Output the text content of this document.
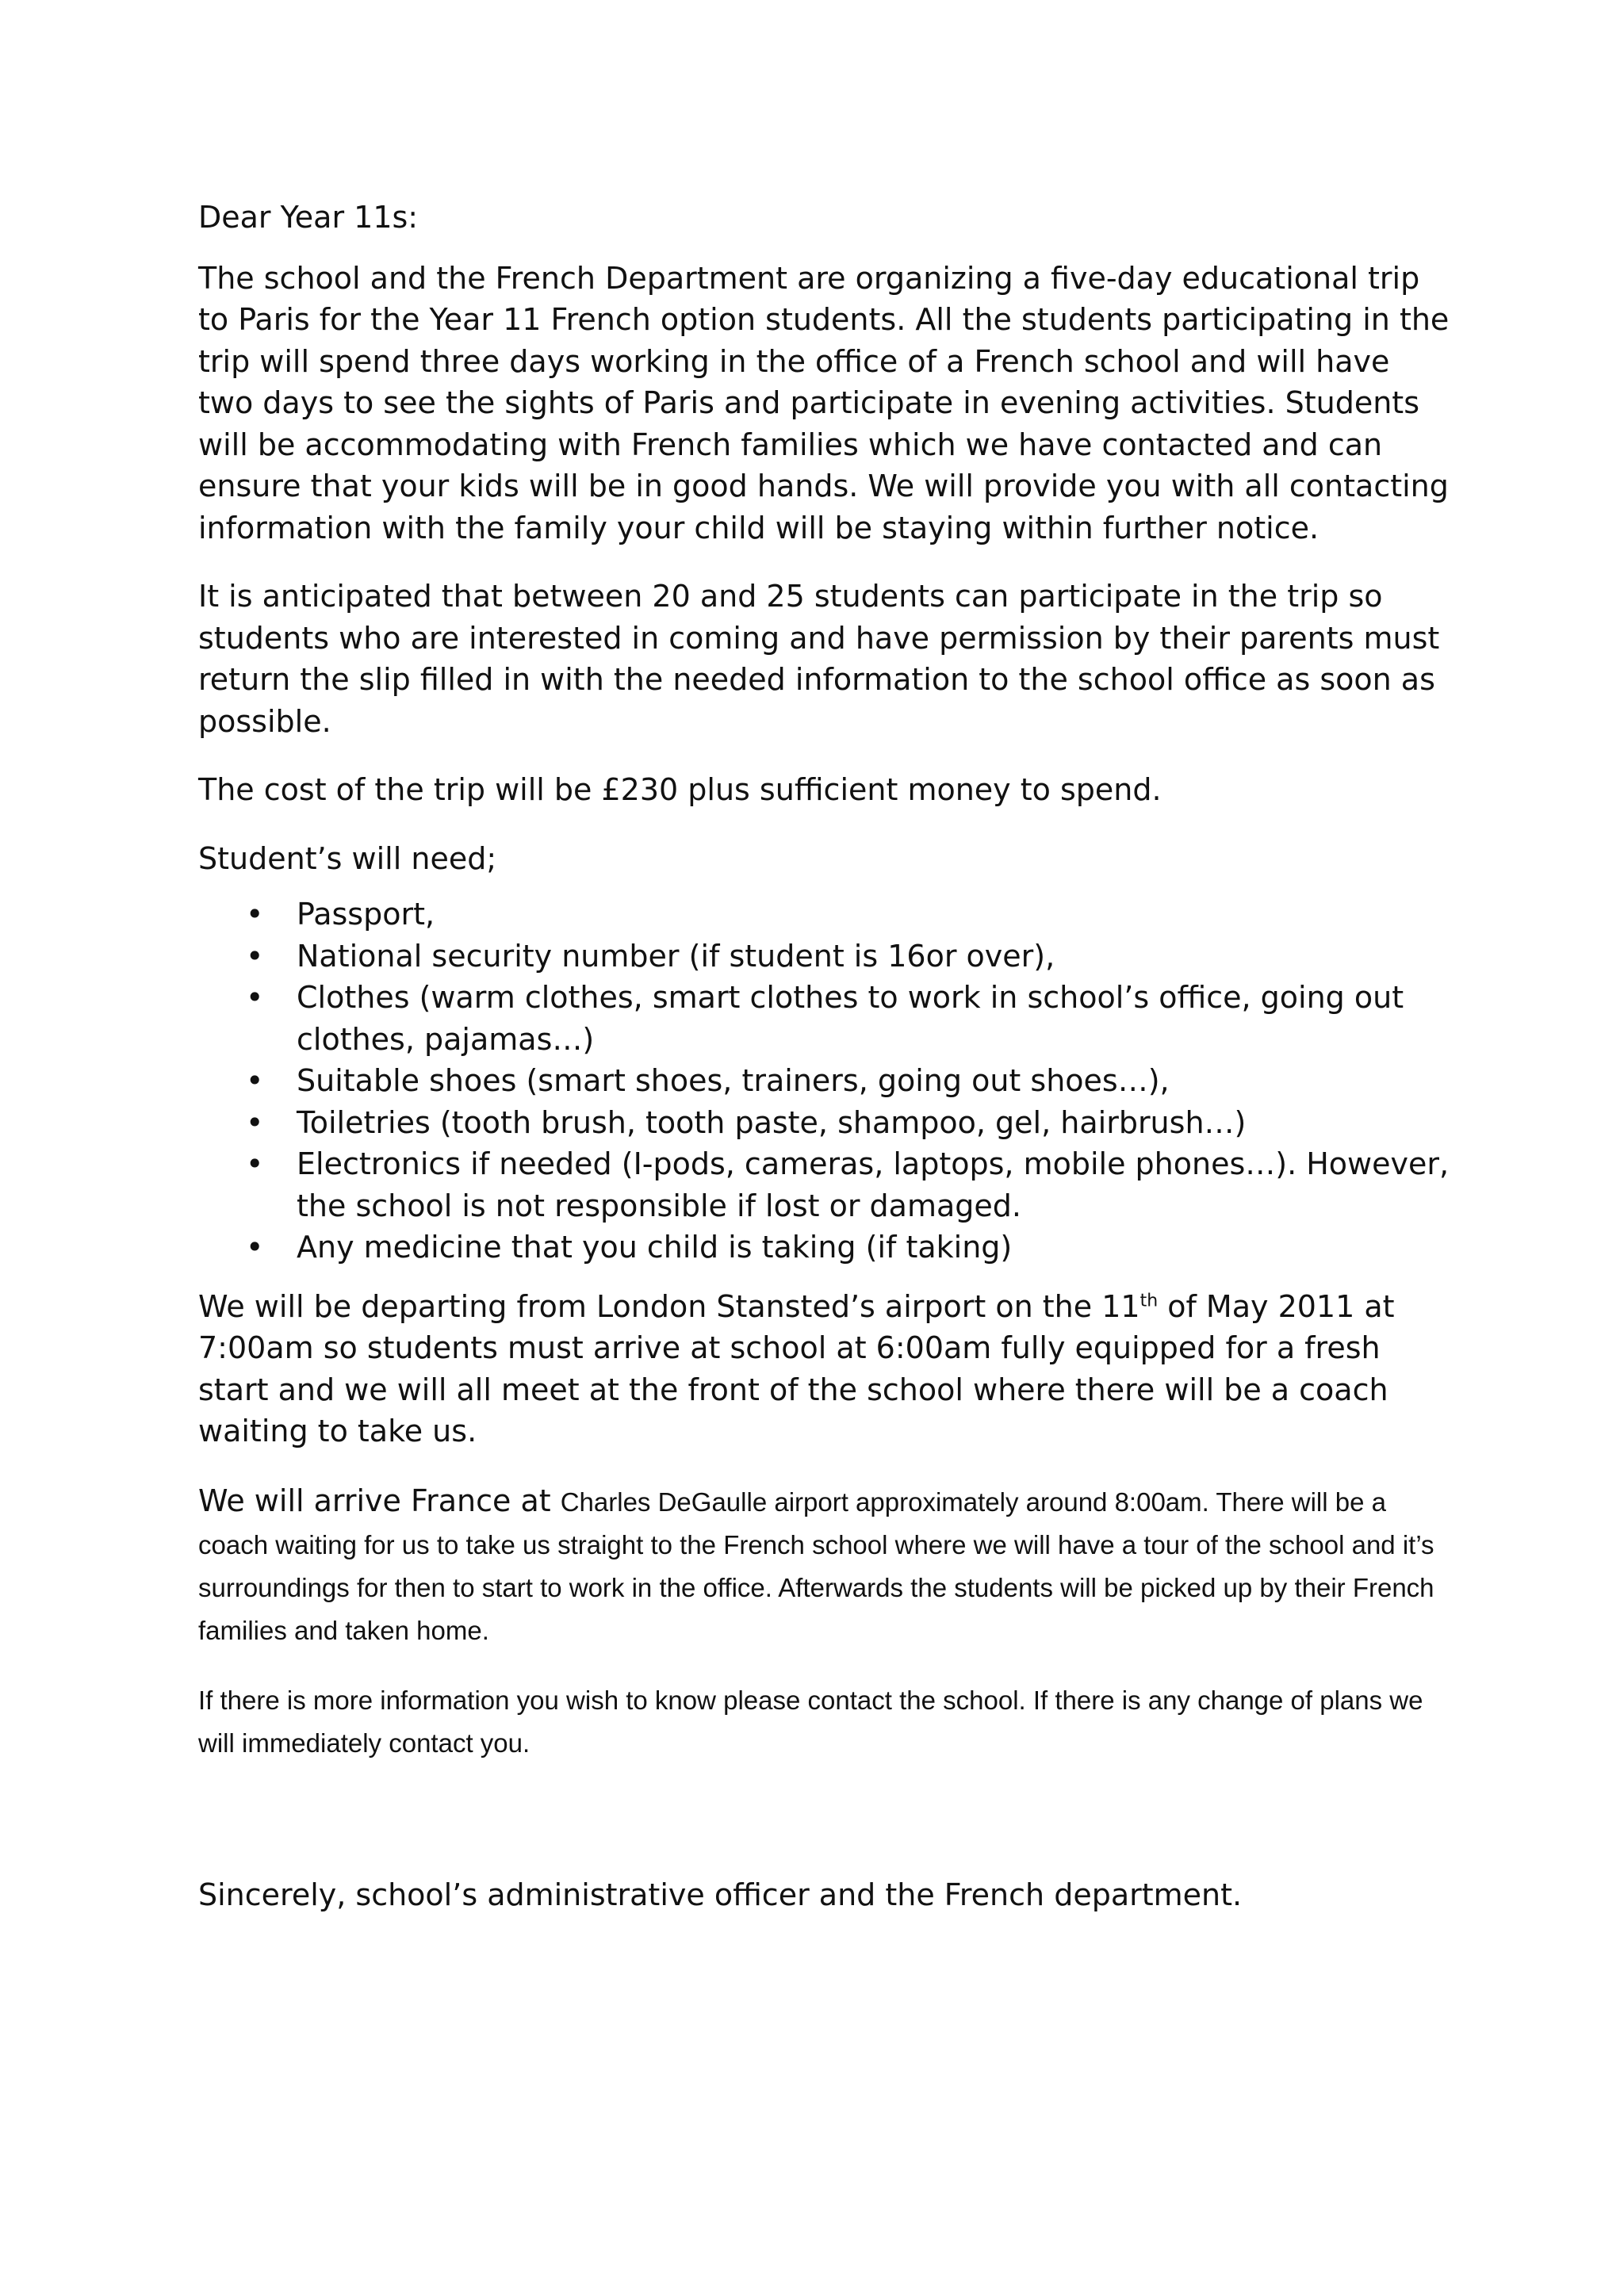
Dear Year 11s:

The school and the French Department are organizing a five-day educational trip to Paris for the Year 11 French option students. All the students participating in the trip will spend three days working in the office of a French school and will have two days to see the sights of Paris and participate in evening activities. Students will be accommodating with French families which we have contacted and can ensure that your kids will be in good hands. We will provide you with all contacting information with the family your child will be staying within further notice.

It is anticipated that between 20 and 25 students can participate in the trip so students who are interested in coming and have permission by their parents must return the slip filled in with the needed information to the school office as soon as possible.

The cost of the trip will be £230 plus sufficient money to spend.

Student’s will need;

• Passport,
• National security number (if student is 16or over),
• Clothes (warm clothes, smart clothes to work in school’s office, going out clothes, pajamas…)
• Suitable shoes (smart shoes, trainers, going out shoes…),
• Toiletries (tooth brush, tooth paste, shampoo, gel, hairbrush…)
• Electronics if needed (I-pods, cameras, laptops, mobile phones…). However, the school is not responsible if lost or damaged.
• Any medicine that you child is taking (if taking)

We will be departing from London Stansted’s airport on the 11th of May 2011 at 7:00am so students must arrive at school at 6:00am fully equipped for a fresh start and we will all meet at the front of the school where there will be a coach waiting to take us.

We will arrive France at Charles DeGaulle airport approximately around 8:00am. There will be a coach waiting for us to take us straight to the French school where we will have a tour of the school and it’s surroundings for then to start to work in the office. Afterwards the students will be picked up by their French families and taken home.

If there is more information you wish to know please contact the school. If there is any change of plans we will immediately contact you.

Sincerely, school’s administrative officer and the French department.
